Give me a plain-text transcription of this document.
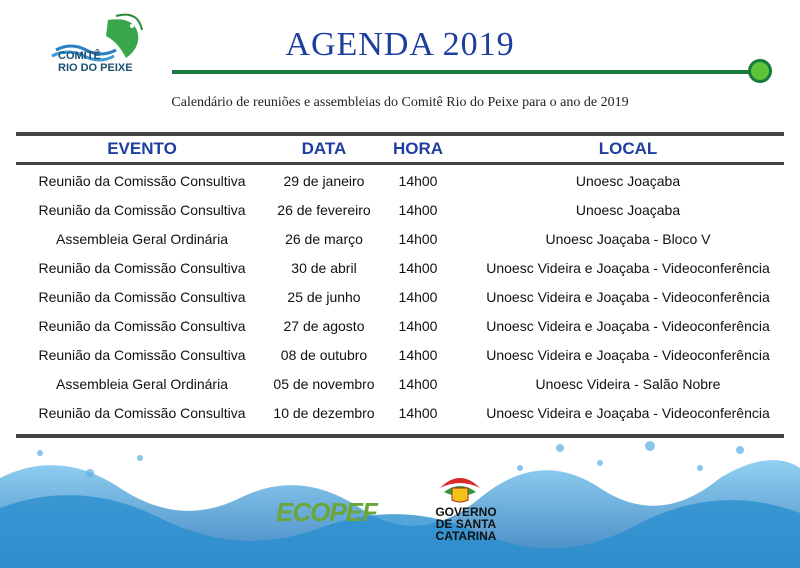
COMITÊ
RIO DO PEIXE
AGENDA 2019
Calendário de reuniões e assembleias do Comitê Rio do Peixe para o ano de 2019
EVENTO	DATA	HORA	LOCAL
Reunião da Comissão Consultiva	29 de janeiro	14h00	Unoesc Joaçaba
Reunião da Comissão Consultiva	26 de fevereiro	14h00	Unoesc Joaçaba
Assembleia Geral Ordinária	26 de março	14h00	Unoesc Joaçaba - Bloco V
Reunião da Comissão Consultiva	30 de abril	14h00	Unoesc Videira e Joaçaba - Videoconferência
Reunião da Comissão Consultiva	25 de junho	14h00	Unoesc Videira e Joaçaba - Videoconferência
Reunião da Comissão Consultiva	27 de agosto	14h00	Unoesc Videira e Joaçaba - Videoconferência
Reunião da Comissão Consultiva	08 de outubro	14h00	Unoesc Videira e Joaçaba - Videoconferência
Assembleia Geral Ordinária	05 de novembro	14h00	Unoesc Videira - Salão Nobre
Reunião da Comissão Consultiva	10 de dezembro	14h00	Unoesc Videira e Joaçaba - Videoconferência
ECOPEF	GOVERNO
DE SANTA
CATARINA
